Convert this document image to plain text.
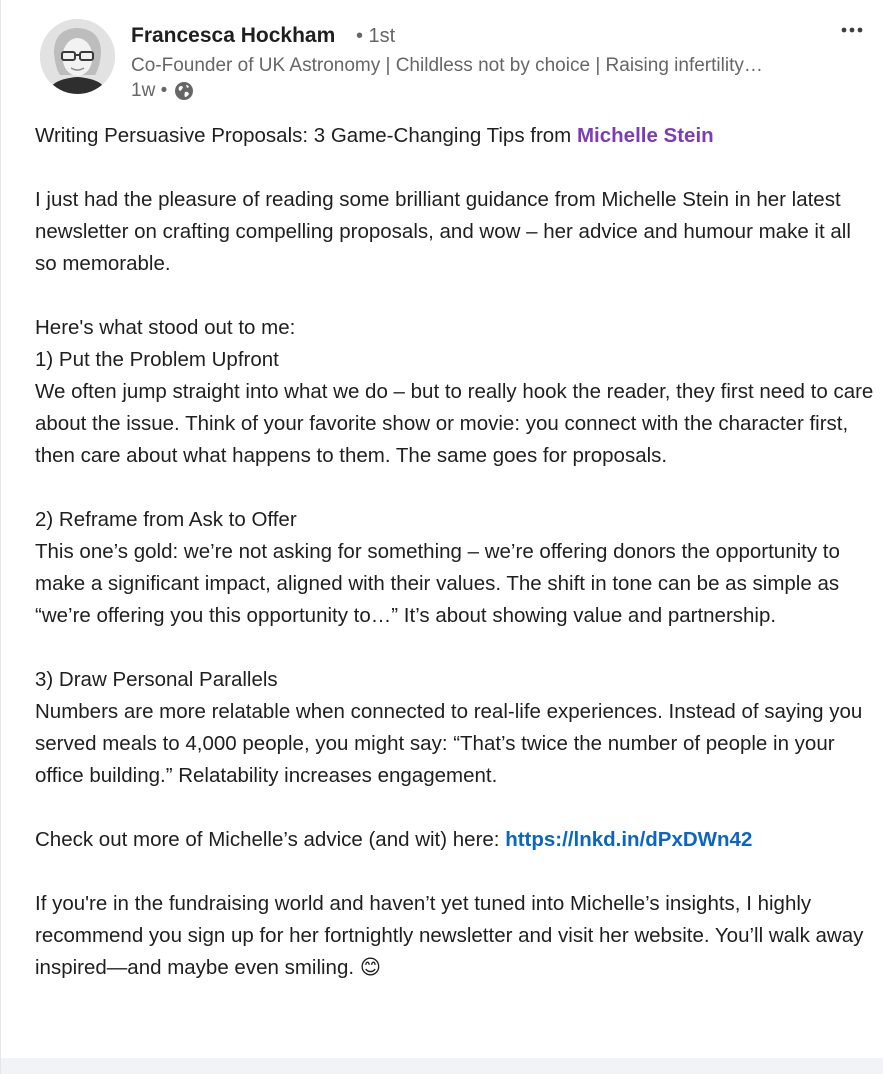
Francesca Hockham • 1st
Co-Founder of UK Astronomy | Childless not by choice | Raising infertility…
1w •

Writing Persuasive Proposals: 3 Game-Changing Tips from Michelle Stein

I just had the pleasure of reading some brilliant guidance from Michelle Stein in her latest newsletter on crafting compelling proposals, and wow – her advice and humour make it all so memorable.

Here's what stood out to me:
1) Put the Problem Upfront
We often jump straight into what we do – but to really hook the reader, they first need to care about the issue. Think of your favorite show or movie: you connect with the character first, then care about what happens to them. The same goes for proposals.

2) Reframe from Ask to Offer
This one’s gold: we’re not asking for something – we’re offering donors the opportunity to make a significant impact, aligned with their values. The shift in tone can be as simple as “we’re offering you this opportunity to…” It’s about showing value and partnership.

3) Draw Personal Parallels
Numbers are more relatable when connected to real-life experiences. Instead of saying you served meals to 4,000 people, you might say: “That’s twice the number of people in your office building.” Relatability increases engagement.

Check out more of Michelle’s advice (and wit) here: https://lnkd.in/dPxDWn42

If you're in the fundraising world and haven’t yet tuned into Michelle’s insights, I highly recommend you sign up for her fortnightly newsletter and visit her website. You’ll walk away inspired—and maybe even smiling. 😊
